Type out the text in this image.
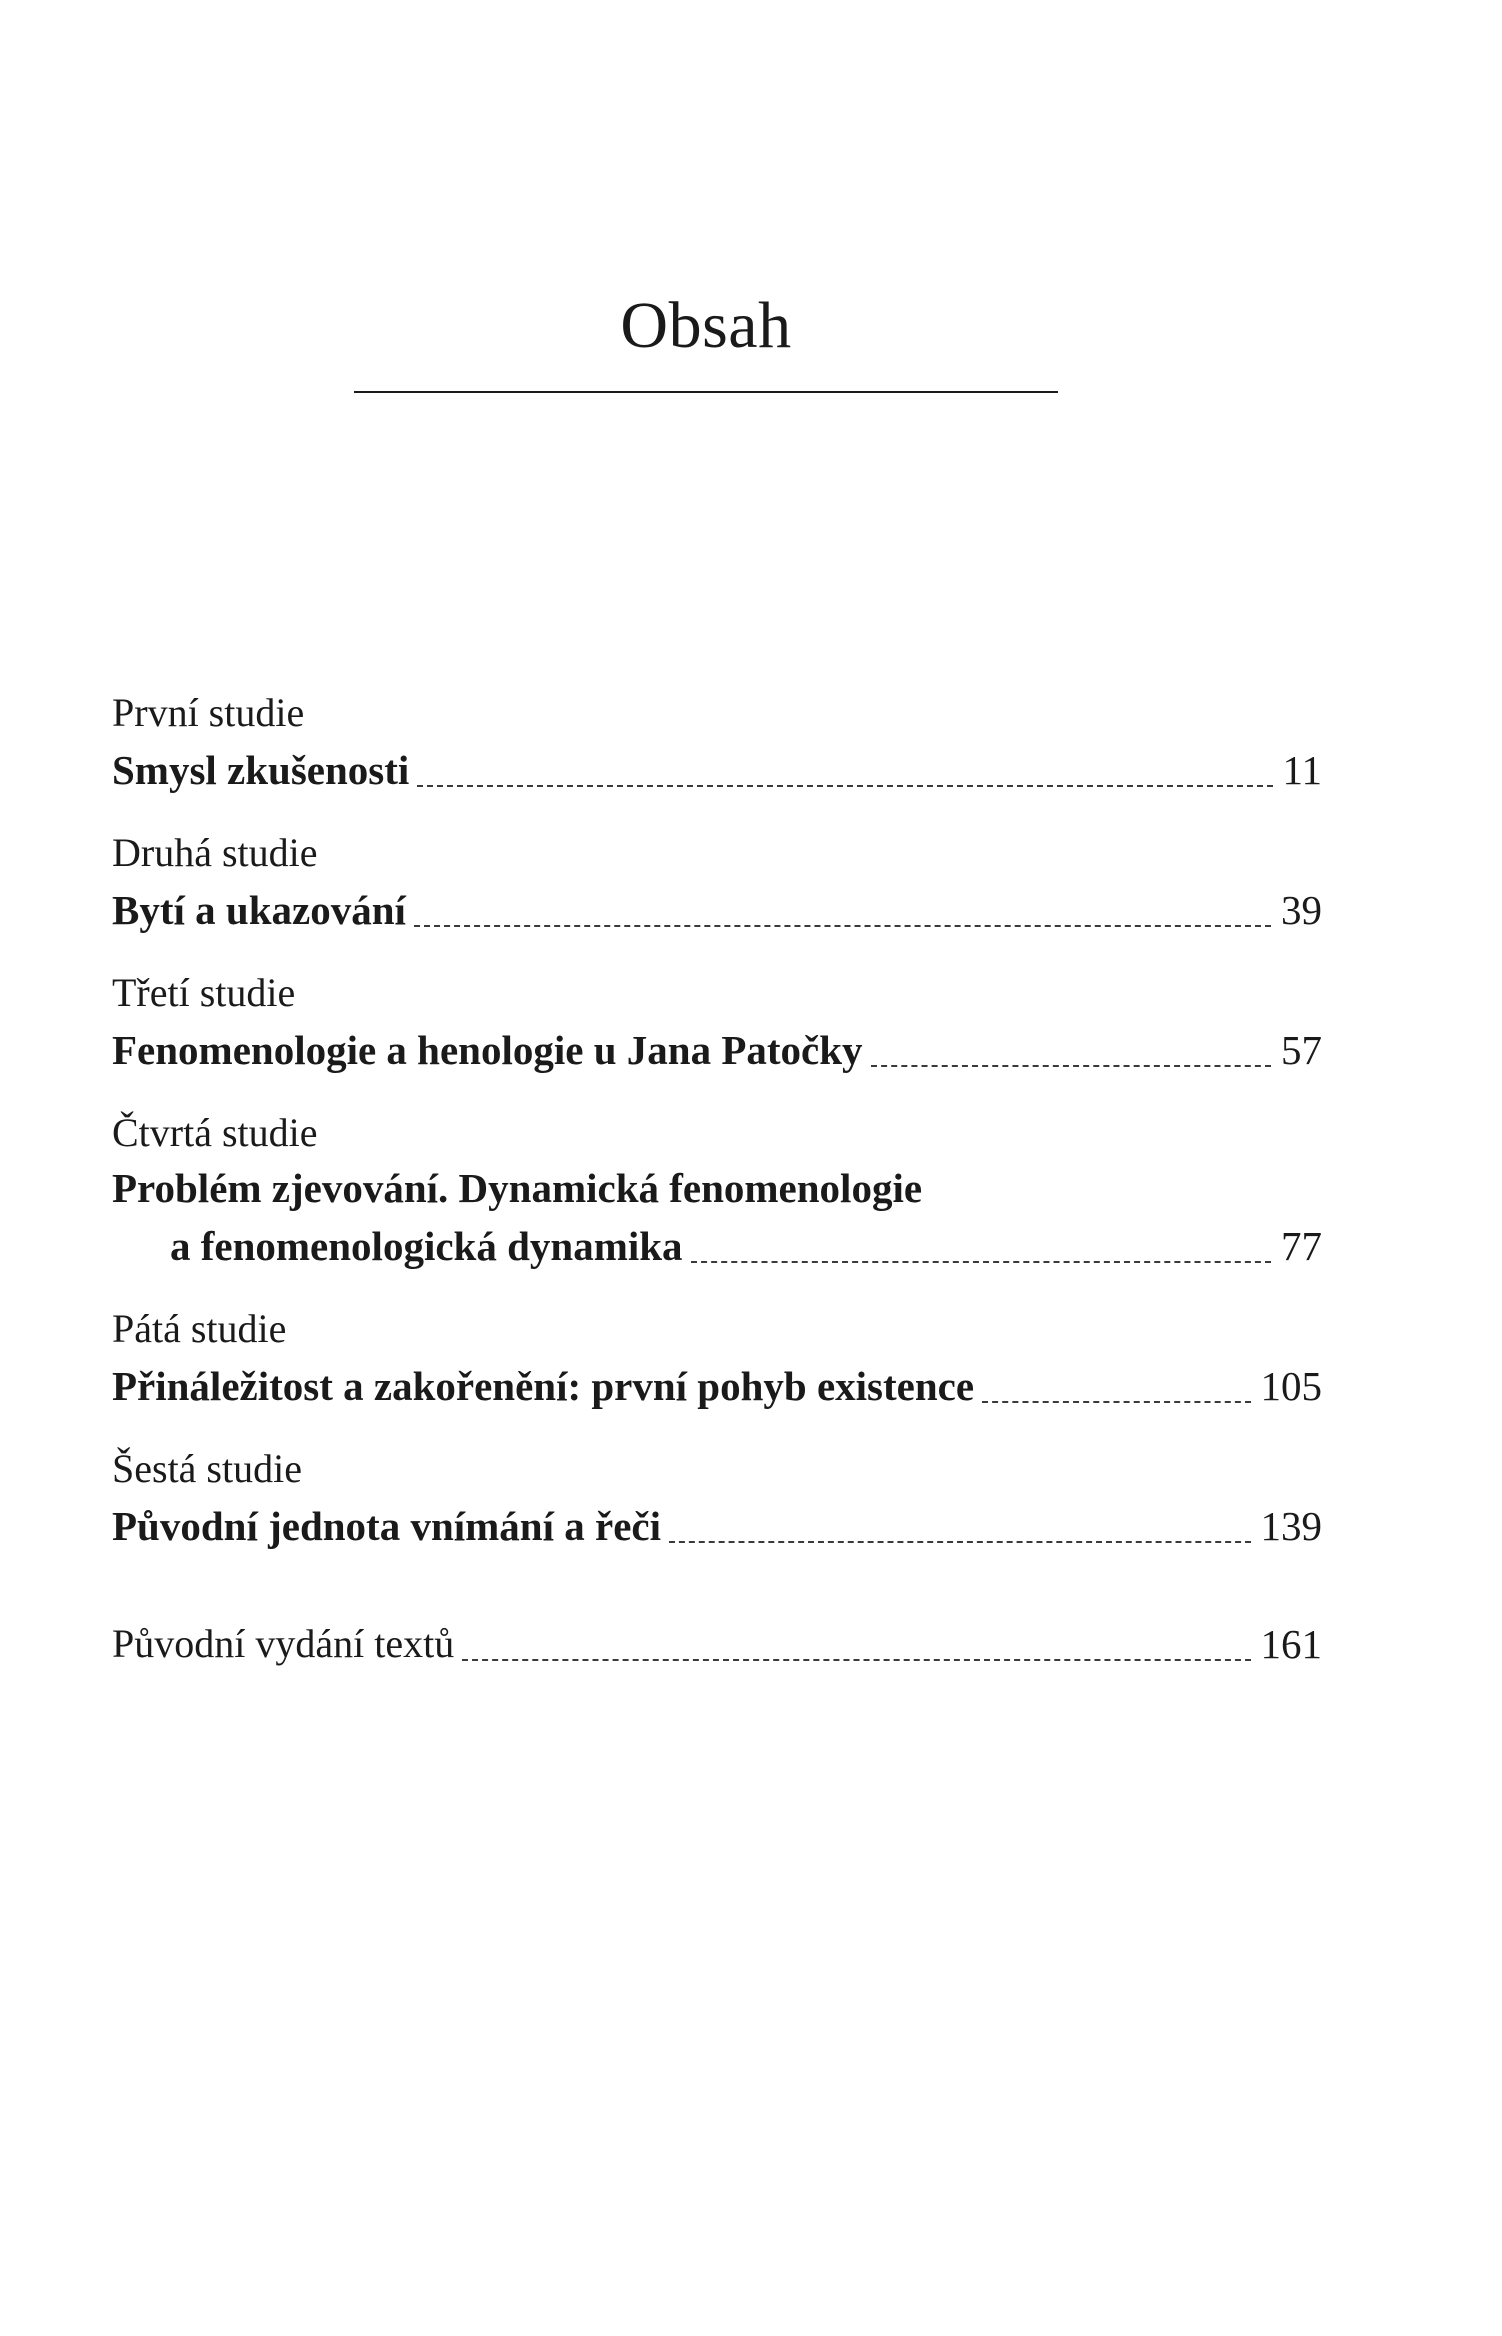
Obsah
První studie
Smysl zkušenosti	11
Druhá studie
Bytí a ukazování	39
Třetí studie
Fenomenologie a henologie u Jana Patočky	57
Čtvrtá studie
Problém zjevování. Dynamická fenomenologie
a fenomenologická dynamika	77
Pátá studie
Přináležitost a zakořenění: první pohyb existence	105
Šestá studie
Původní jednota vnímání a řeči	139
Původní vydání textů	161
